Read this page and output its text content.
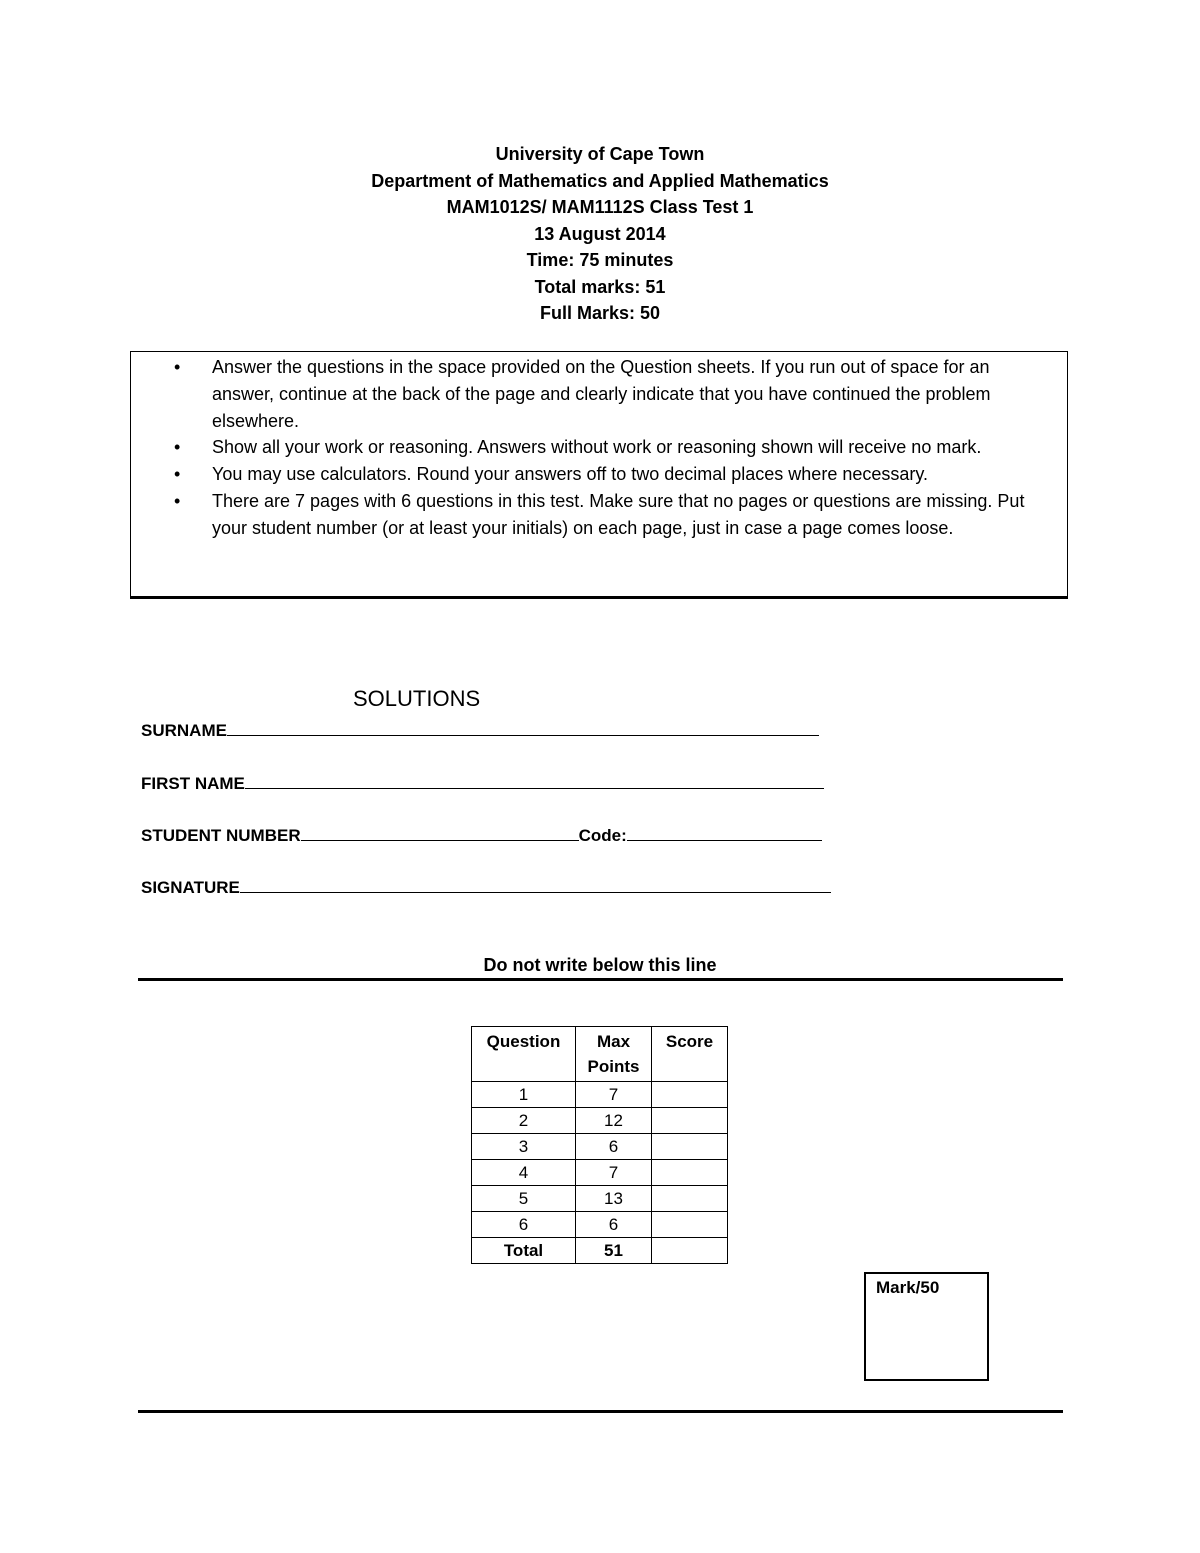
University of Cape Town
Department of Mathematics and Applied Mathematics
MAM1012S/ MAM1112S Class Test 1
13 August 2014
Time: 75 minutes
Total marks: 51
Full Marks: 50
• Answer the questions in the space provided on the Question sheets. If you run out of space for an answer, continue at the back of the page and clearly indicate that you have continued the problem elsewhere.
• Show all your work or reasoning. Answers without work or reasoning shown will receive no mark.
• You may use calculators. Round your answers off to two decimal places where necessary.
• There are 7 pages with 6 questions in this test. Make sure that no pages or questions are missing. Put your student number (or at least your initials) on each page, just in case a page comes loose.
SOLUTIONS
SURNAME
FIRST NAME
STUDENT NUMBER	Code:
SIGNATURE
Do not write below this line
Question	Max Points	Score
1	7	
2	12	
3	6	
4	7	
5	13	
6	6	
Total	51	
Mark/50
